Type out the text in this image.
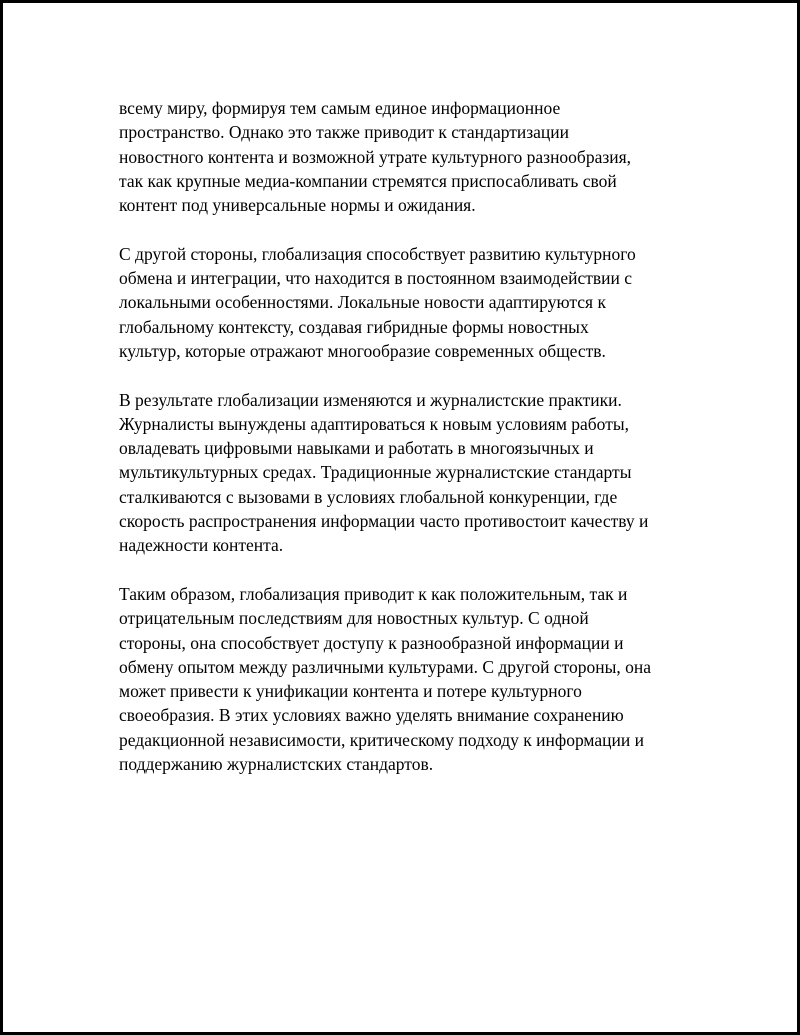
всему миру, формируя тем самым единое информационное
пространство. Однако это также приводит к стандартизации
новостного контента и возможной утрате культурного разнообразия,
так как крупные медиа-компании стремятся приспосабливать свой
контент под универсальные нормы и ожидания.

С другой стороны, глобализация способствует развитию культурного
обмена и интеграции, что находится в постоянном взаимодействии с
локальными особенностями. Локальные новости адаптируются к
глобальному контексту, создавая гибридные формы новостных
культур, которые отражают многообразие современных обществ.

В результате глобализации изменяются и журналистские практики.
Журналисты вынуждены адаптироваться к новым условиям работы,
овладевать цифровыми навыками и работать в многоязычных и
мультикультурных средах. Традиционные журналистские стандарты
сталкиваются с вызовами в условиях глобальной конкуренции, где
скорость распространения информации часто противостоит качеству и
надежности контента.

Таким образом, глобализация приводит к как положительным, так и
отрицательным последствиям для новостных культур. С одной
стороны, она способствует доступу к разнообразной информации и
обмену опытом между различными культурами. С другой стороны, она
может привести к унификации контента и потере культурного
своеобразия. В этих условиях важно уделять внимание сохранению
редакционной независимости, критическому подходу к информации и
поддержанию журналистских стандартов.
